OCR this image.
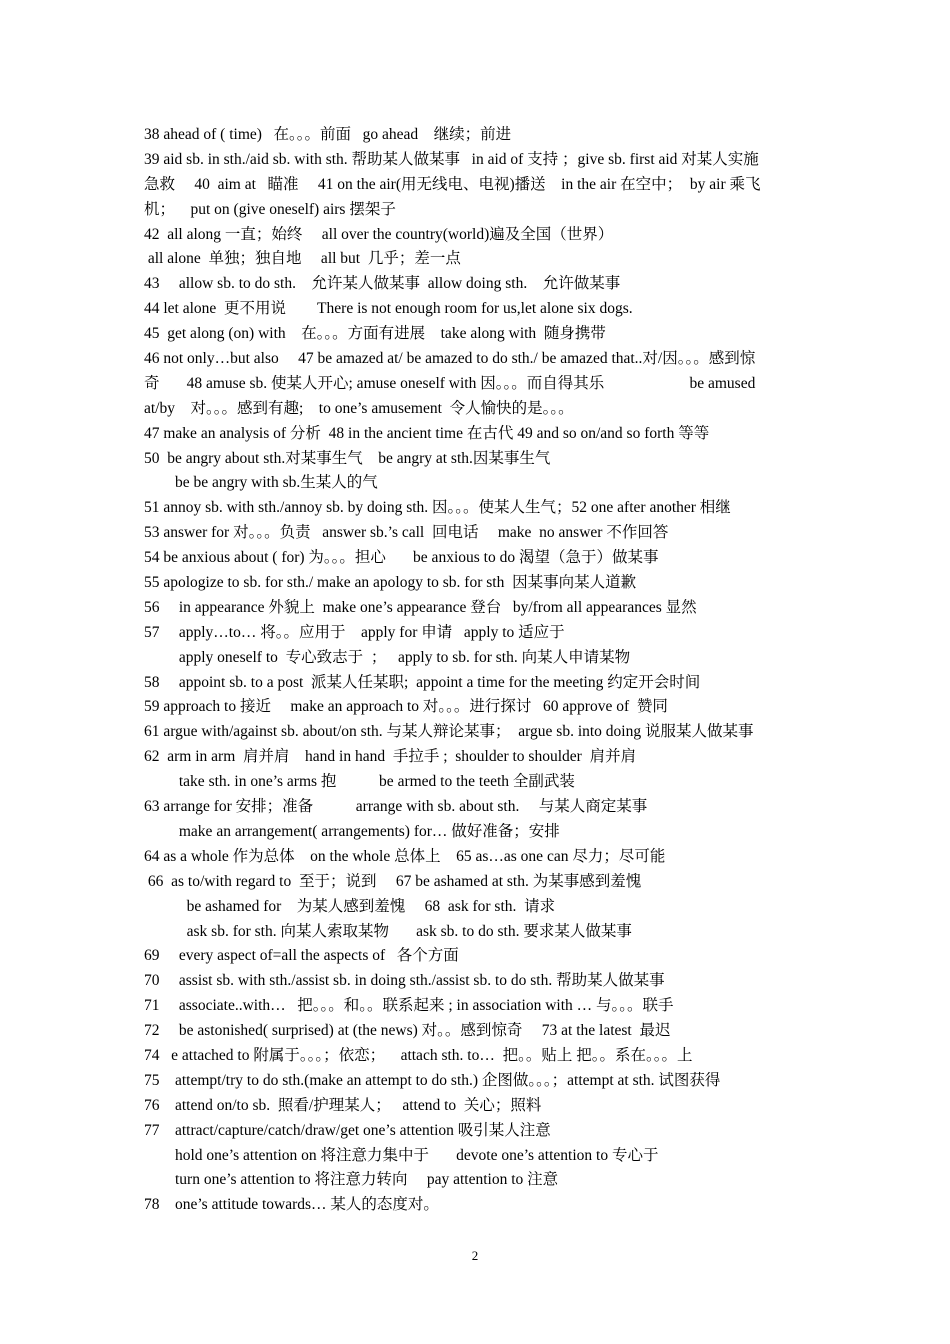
38 ahead of ( time)   在。。。前面   go ahead    继续；前进
39 aid sb. in sth./aid sb. with sth. 帮助某人做某事   in aid of 支持 ；give sb. first aid 对某人实施
急救     40  aim at   瞄准     41 on the air(用无线电、电视)播送    in the air 在空中；  by air 乘飞
机；    put on (give oneself) airs 摆架子
42  all along 一直；始终     all over the country(world)遍及全国（世界）
all alone  单独；独自地     all but  几乎；差一点
43     allow sb. to do sth.    允许某人做某事  allow doing sth.    允许做某事
44 let alone  更不用说        There is not enough room for us,let alone six dogs.
45  get along (on) with    在。。。方面有进展    take along with  随身携带
46 not only…but also     47 be amazed at/ be amazed to do sth./ be amazed that..对/因。。。感到惊
奇       48 amuse sb. 使某人开心; amuse oneself with 因。。。而自得其乐                      be amused
at/by    对。。。感到有趣;    to one’s amusement  令人愉快的是。。。
47 make an analysis of 分析  48 in the ancient time 在古代 49 and so on/and so forth 等等
50  be angry about sth.对某事生气    be angry at sth.因某事生气
be be angry with sb.生某人的气
51 annoy sb. with sth./annoy sb. by doing sth. 因。。。使某人生气；52 one after another 相继
53 answer for 对。。。负责   answer sb.’s call  回电话     make  no answer 不作回答
54 be anxious about ( for) 为。。。担心       be anxious to do 渴望（急于）做某事
55 apologize to sb. for sth./ make an apology to sb. for sth  因某事向某人道歉
56     in appearance 外貌上  make one’s appearance 登台   by/from all appearances 显然
57     apply…to… 将。。应用于    apply for 申请   apply to 适应于
apply oneself to  专心致志于  ；   apply to sb. for sth. 向某人申请某物
58     appoint sb. to a post  派某人任某职;  appoint a time for the meeting 约定开会时间
59 approach to 接近     make an approach to 对。。。进行探讨   60 approve of  赞同
61 argue with/against sb. about/on sth. 与某人辩论某事；  argue sb. into doing 说服某人做某事
62  arm in arm  肩并肩    hand in hand  手拉手 ;  shoulder to shoulder  肩并肩
take sth. in one’s arms 抱           be armed to the teeth 全副武装
63 arrange for 安排；准备           arrange with sb. about sth.     与某人商定某事
make an arrangement( arrangements) for… 做好准备；安排
64 as a whole 作为总体    on the whole 总体上    65 as…as one can 尽力；尽可能
66  as to/with regard to  至于；说到     67 be ashamed at sth. 为某事感到羞愧
be ashamed for    为某人感到羞愧     68  ask for sth.  请求
ask sb. for sth. 向某人索取某物       ask sb. to do sth. 要求某人做某事
69     every aspect of=all the aspects of   各个方面
70     assist sb. with sth./assist sb. in doing sth./assist sb. to do sth. 帮助某人做某事
71     associate..with…   把。。。和。。联系起来 ; in association with … 与。。。联手
72     be astonished( surprised) at (the news) 对。。感到惊奇     73 at the latest  最迟
74   e attached to 附属于。。。；依恋；    attach sth. to…  把。。贴上 把。。系在。。。上
75    attempt/try to do sth.(make an attempt to do sth.) 企图做。。。；attempt at sth. 试图获得
76    attend on/to sb.  照看/护理某人；   attend to  关心；照料
77    attract/capture/catch/draw/get one’s attention 吸引某人注意
hold one’s attention on 将注意力集中于       devote one’s attention to 专心于
turn one’s attention to 将注意力转向     pay attention to 注意
78    one’s attitude towards… 某人的态度对。
2
